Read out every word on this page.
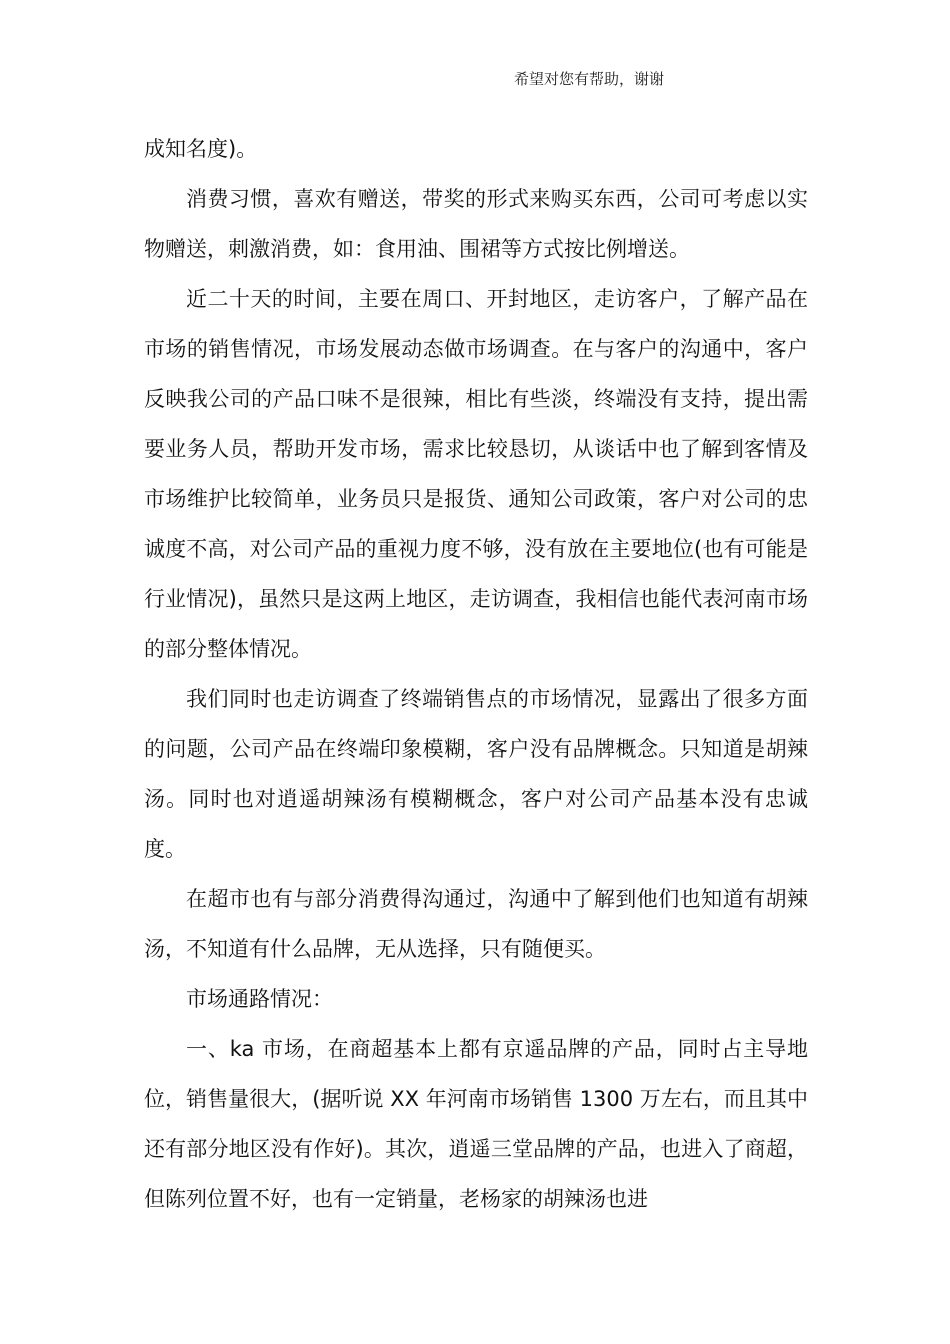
希望对您有帮助，谢谢

成知名度)。

消费习惯，喜欢有赠送，带奖的形式来购买东西，公司可考虑以实物赠送，刺激消费，如：食用油、围裙等方式按比例增送。

近二十天的时间，主要在周口、开封地区，走访客户，了解产品在市场的销售情况，市场发展动态做市场调查。在与客户的沟通中，客户反映我公司的产品口味不是很辣，相比有些淡，终端没有支持，提出需要业务人员，帮助开发市场，需求比较恳切，从谈话中也了解到客情及市场维护比较简单，业务员只是报货、通知公司政策，客户对公司的忠诚度不高，对公司产品的重视力度不够，没有放在主要地位(也有可能是行业情况)，虽然只是这两上地区，走访调查，我相信也能代表河南市场的部分整体情况。

我们同时也走访调查了终端销售点的市场情况，显露出了很多方面的问题，公司产品在终端印象模糊，客户没有品牌概念。只知道是胡辣汤。同时也对逍遥胡辣汤有模糊概念，客户对公司产品基本没有忠诚度。

在超市也有与部分消费得沟通过，沟通中了解到他们也知道有胡辣汤，不知道有什么品牌，无从选择，只有随便买。

市场通路情况：

一、ka 市场，在商超基本上都有京遥品牌的产品，同时占主导地位，销售量很大，(据听说 XX 年河南市场销售 1300 万左右，而且其中还有部分地区没有作好)。其次，逍遥三堂品牌的产品，也进入了商超，但陈列位置不好，也有一定销量，老杨家的胡辣汤也进
